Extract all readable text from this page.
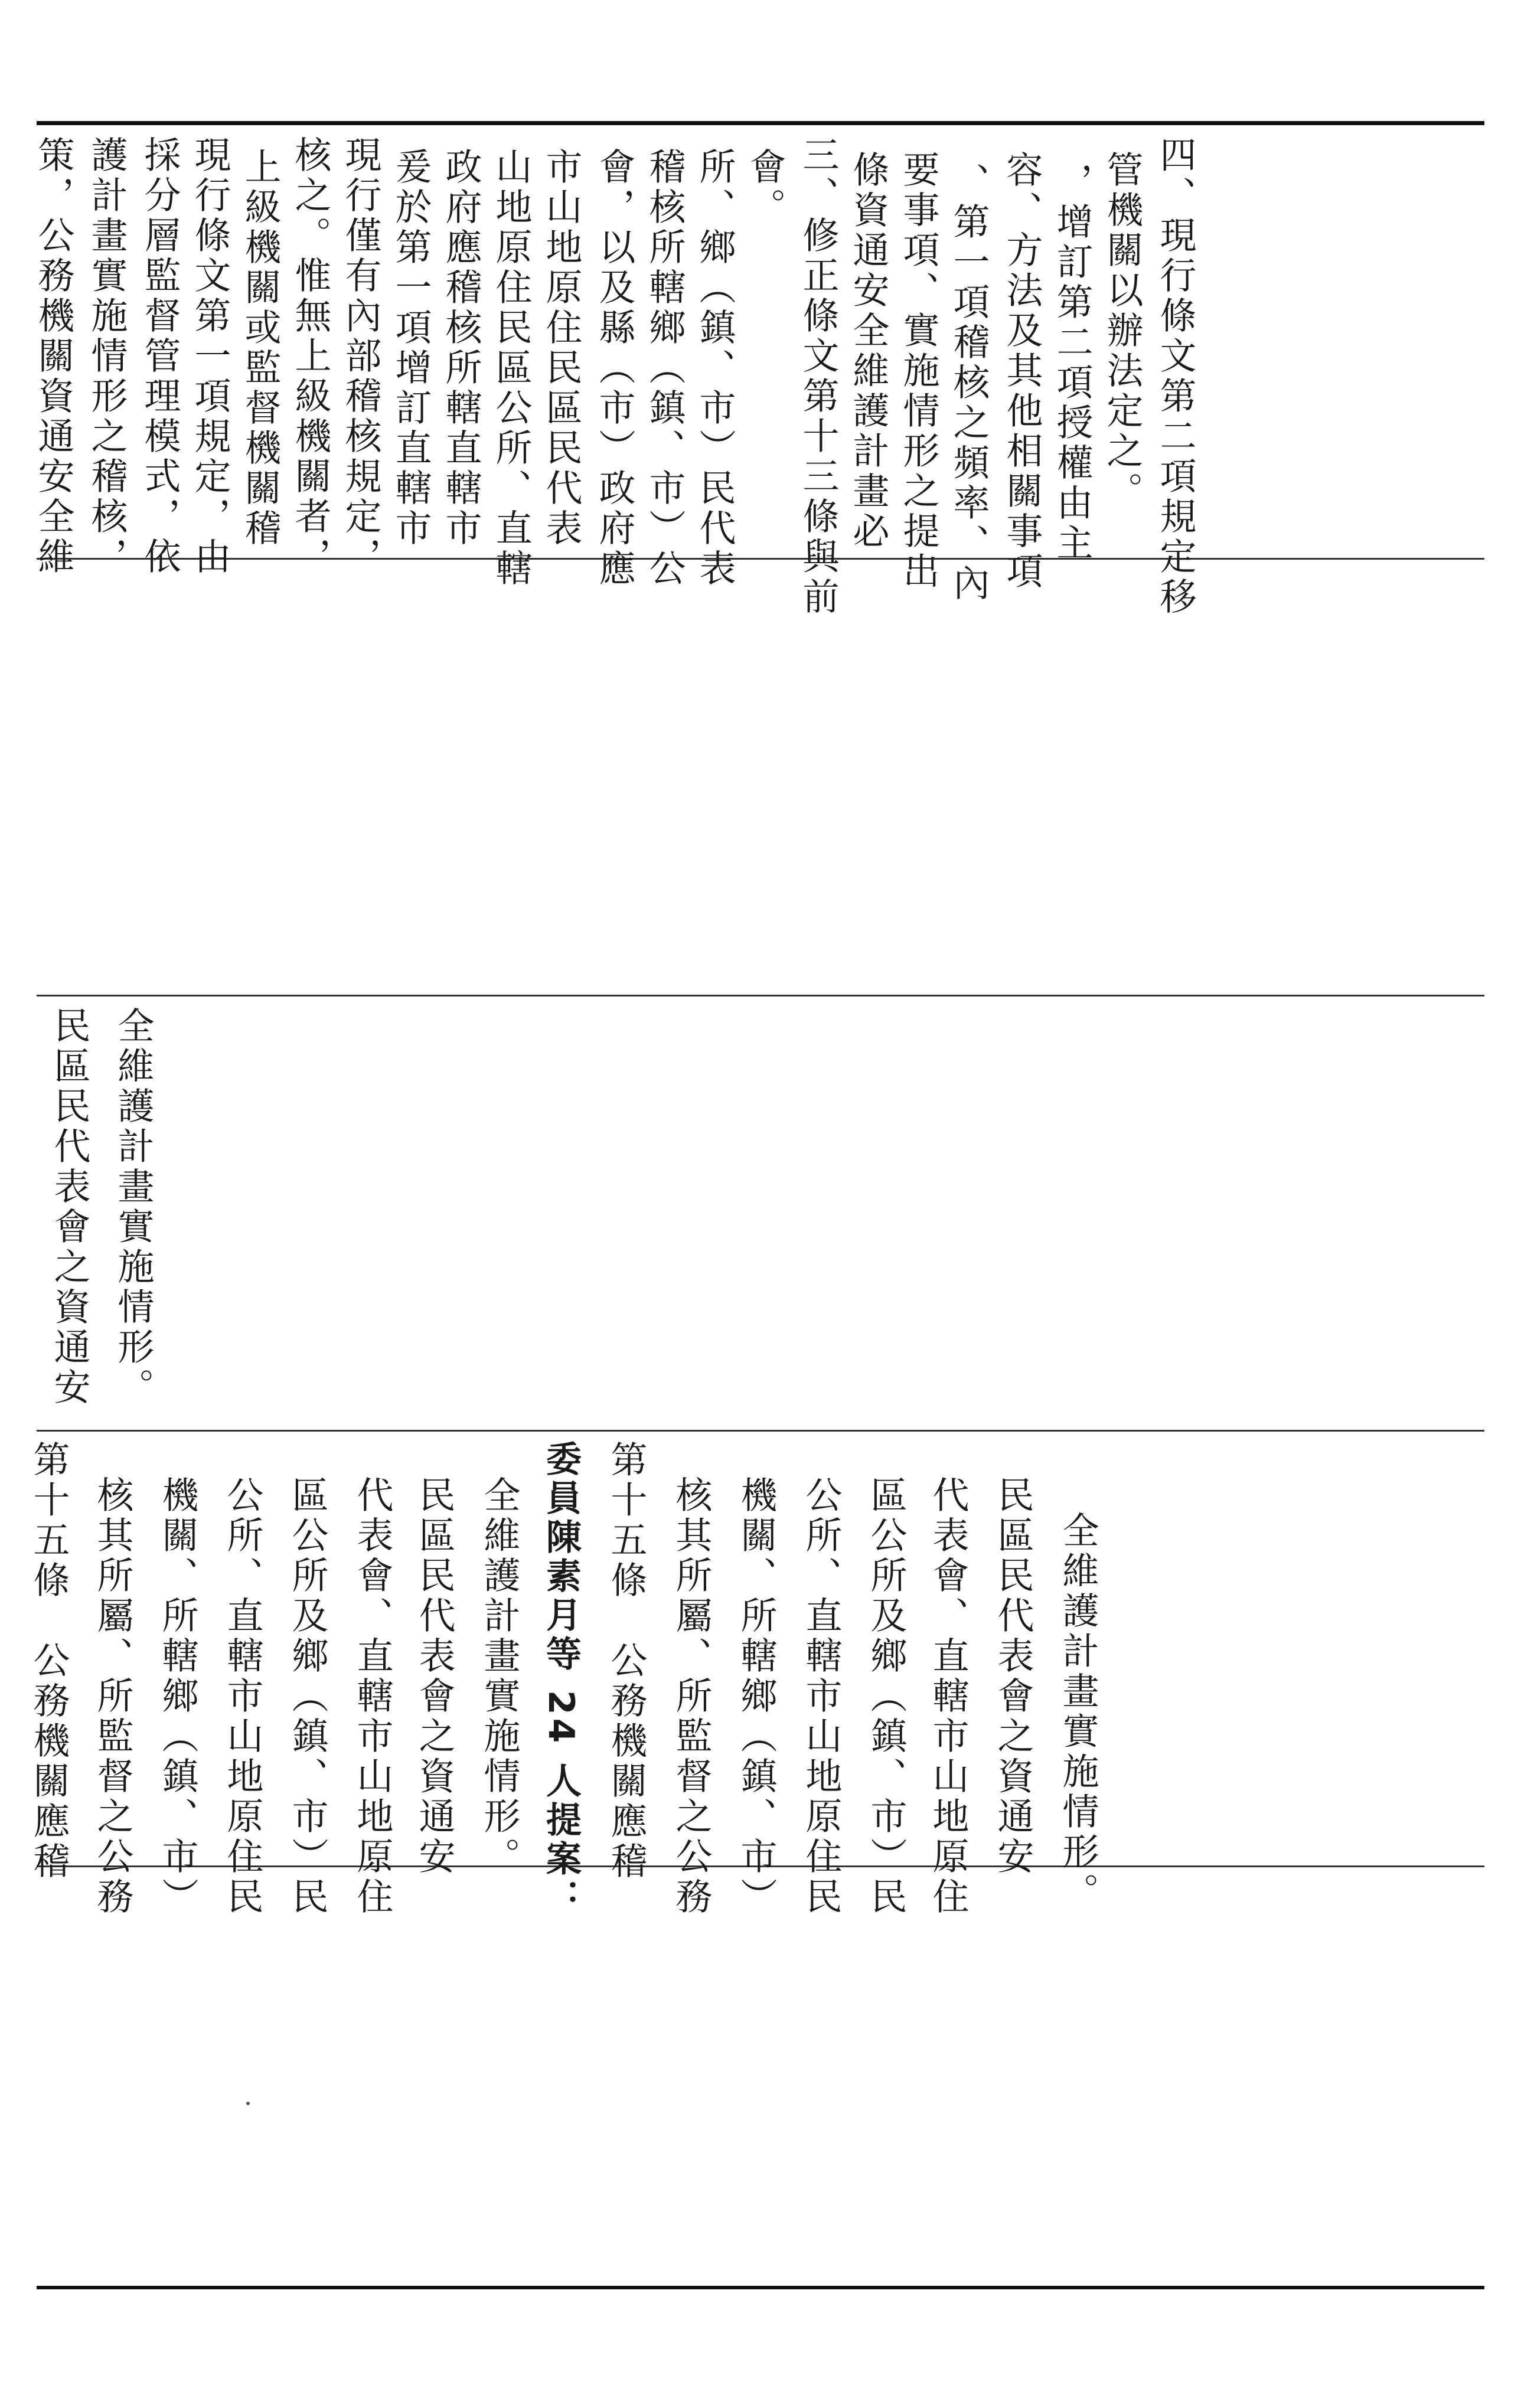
策，公務機關資通安全維 護計畫實施情形之稽核， 採分層監督管理模式，依 現行條文第一項規定，由 上級機關或監督機關稽 核之。惟無上級機關者， 現行僅有內部稽核規定， 爰於第一項增訂直轄市 政府應稽核所轄直轄市 山地原住民區公所、直轄 市山地原住民區民代表 會，以及縣（市）政府應 稽核所轄鄉（鎮、市）公 所、鄉（鎮、市）民代表 會。 三、修正條文第十三條與前 條資通安全維護計畫必 要事項、實施情形之提出 、第一項稽核之頻率、內 容、方法及其他相關事項 ，增訂第二項授權由主 管機關以辦法定之。 四、現行條文第二項規定移
民區民代表會之資通安 全維護計畫實施情形。
第十五條　公務機關應稽 核其所屬、所監督之公務 機關、所轄鄉（鎮、市） 公所、直轄市山地原住民 區公所及鄉（鎮、市）民 代表會、直轄市山地原住 民區民代表會之資通安 全維護計畫實施情形。 委員陳素月等 24 人提案： 第十五條　公務機關應稽 核其所屬、所監督之公務 機關、所轄鄉（鎮、市） 公所、直轄市山地原住民 區公所及鄉（鎮、市）民 代表會、直轄市山地原住 民區民代表會之資通安 全維護計畫實施情形。
